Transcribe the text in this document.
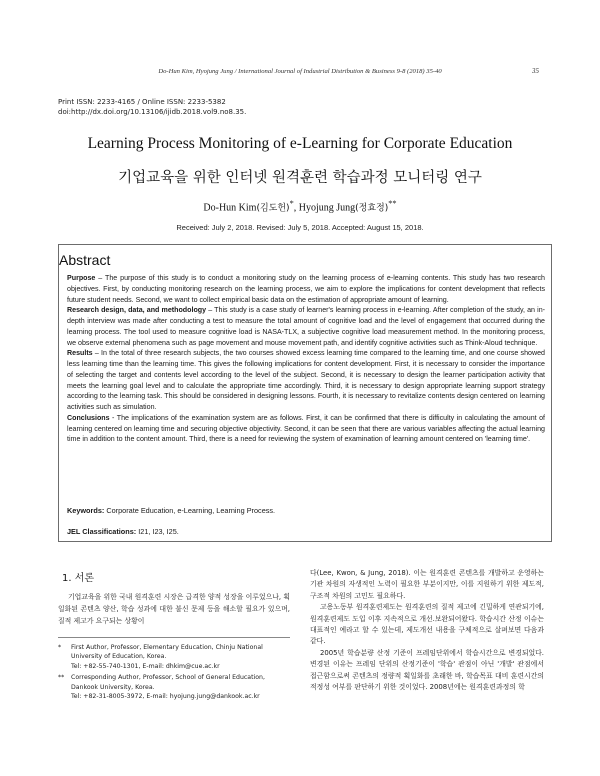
Do-Hun Kim, Hyojung Jung / International Journal of Industrial Distribution & Business 9-8 (2018) 35-40	35
Print ISSN: 2233-4165 / Online ISSN: 2233-5382
doi:http://dx.doi.org/10.13106/ijidb.2018.vol9.no8.35.
Learning Process Monitoring of e-Learning for Corporate Education
기업교육을 위한 인터넷 원격훈련 학습과정 모니터링 연구
Do-Hun Kim(김도헌)*, Hyojung Jung(정효정)**
Received: July 2, 2018. Revised: July 5, 2018. Accepted: August 15, 2018.
Abstract

Purpose – The purpose of this study is to conduct a monitoring study on the learning process of e-learning contents. This study has two research objectives. First, by conducting monitoring research on the learning process, we aim to explore the implications for content development that reflects future student needs. Second, we want to collect empirical basic data on the estimation of appropriate amount of learning.

Research design, data, and methodology – This study is a case study of learner's learning process in e-learning. After completion of the study, an in-depth interview was made after conducting a test to measure the total amount of cognitive load and the level of engagement that occurred during the learning process. The tool used to measure cognitive load is NASA-TLX, a subjective cognitive load measurement method. In the monitoring process, we observe external phenomena such as page movement and mouse movement path, and identify cognitive activities such as Think-Aloud technique.

Results – In the total of three research subjects, the two courses showed excess learning time compared to the learning time, and one course showed less learning time than the learning time. This gives the following implications for content development. First, it is necessary to consider the importance of selecting the target and contents level according to the level of the subject. Second, it is necessary to design the learner participation activity that meets the learning goal level and to calculate the appropriate time accordingly. Third, it is necessary to design appropriate learning support strategy according to the learning task. This should be considered in designing lessons. Fourth, it is necessary to revitalize contents design centered on learning activities such as simulation.

Conclusions - The implications of the examination system are as follows. First, it can be confirmed that there is difficulty in calculating the amount of learning centered on learning time and securing objective objectivity. Second, it can be seen that there are various variables affecting the actual learning time in addition to the content amount. Third, there is a need for reviewing the system of examination of learning amount centered on 'learning time'.

Keywords: Corporate Education, e-Learning, Learning Process.
JEL Classifications: I21, I23, I25.
1. 서론

기업교육을 위한 국내 원격훈련 시장은 급격한 양적 성장을 이루었으나, 획일화된 콘텐츠 양산, 학습 성과에 대한 불신 문제 등을 해소할 필요가 있으며, 질적 제고가 요구되는 상황이

* First Author, Professor, Elementary Education, Chinju National University of Education, Korea.
Tel: +82-55-740-1301, E-mail: dhkim@cue.ac.kr
** Corresponding Author, Professor, School of General Education, Dankook University, Korea.
Tel: +82-31-8005-3972, E-mail: hyojung.jung@dankook.ac.kr

다(Lee, Kwon, & Jung, 2018). 이는 원격훈련 콘텐츠를 개발하고 운영하는 기관 차원의 자생적인 노력이 필요한 부분이지만, 이를 지원하기 위한 제도적, 구조적 차원의 고민도 필요하다.

고용노동부 원격훈련제도는 원격훈련의 질적 제고에 긴밀하게 연관되기에, 원격훈련제도 도입 이후 지속적으로 개선.보완되어왔다. 학습시간 산정 이슈는 대표적인 예라고 할 수 있는데, 제도개선 내용을 구체적으로 살펴보면 다음과 같다.

2005년 학습분량 산정 기준이 프레임단위에서 학습시간으로 변경되었다. 변경된 이유는 프레임 단위의 산정기준이 '학습' 관점이 아닌 '개발' 관점에서 접근함으로써 콘텐츠의 정량적 획일화를 초래한 바, 학습목표 대비 훈련시간의 적정성 여부를 판단하기 위한 것이었다. 2008년에는 원격훈련과정의 학
